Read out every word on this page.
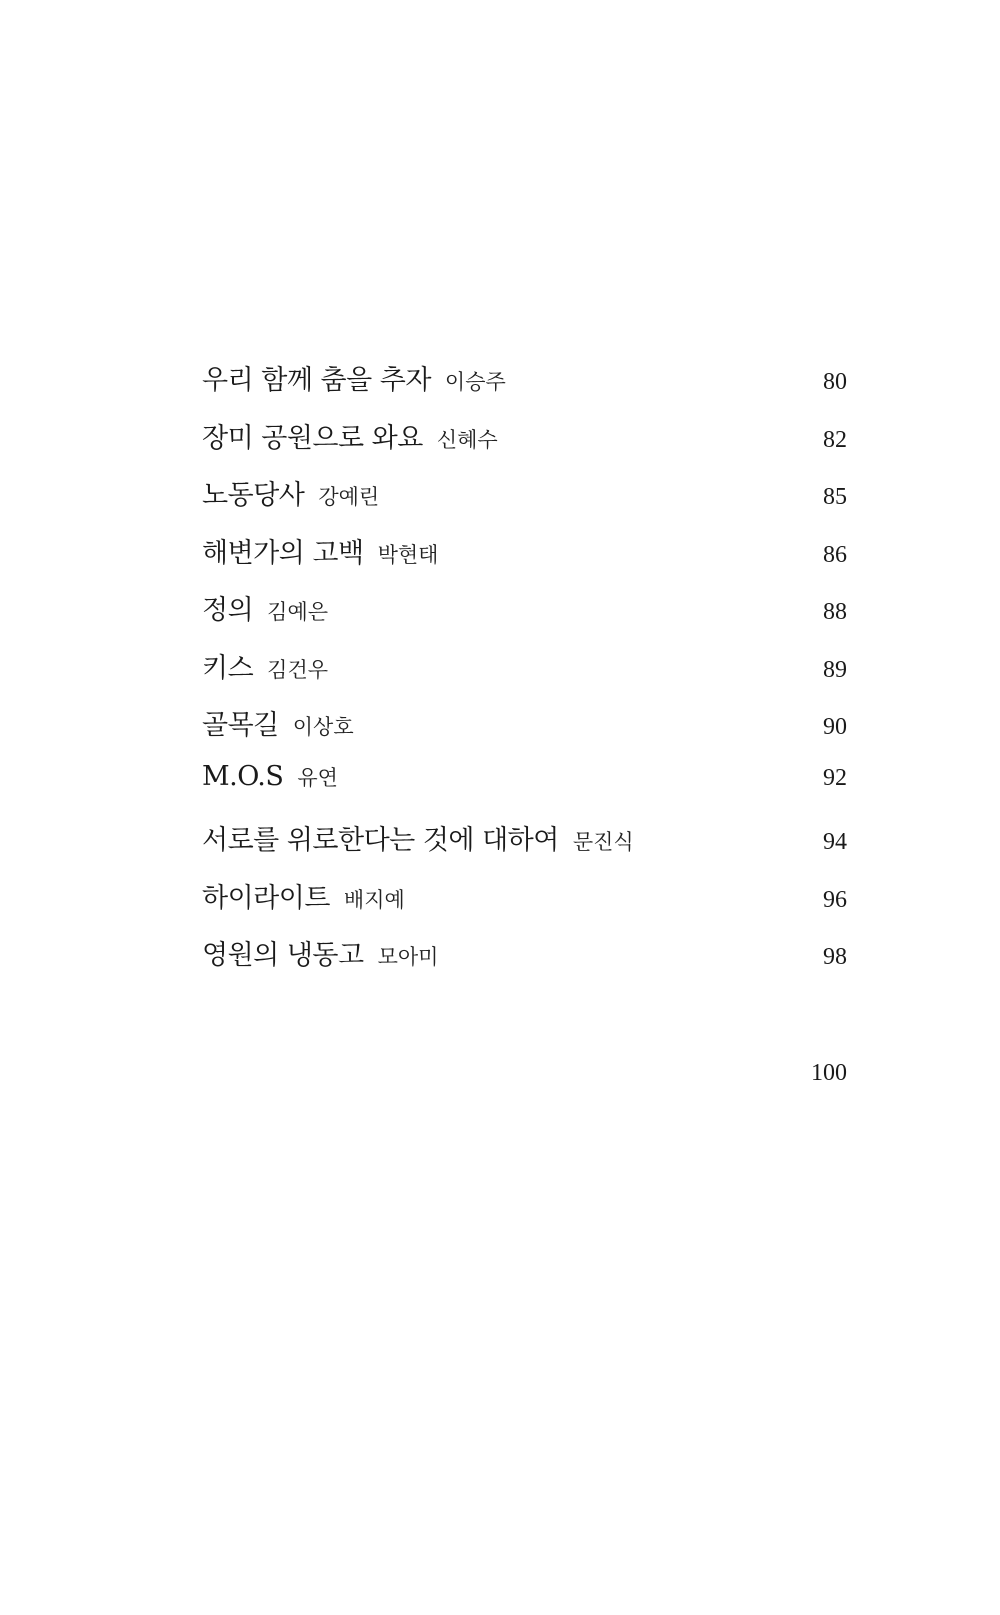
우리 함께 춤을 추자 이승주	80
장미 공원으로 와요 신혜수	82
노동당사 강예린	85
해변가의 고백 박현태	86
정의 김예은	88
키스 김건우	89
골목길 이상호	90
M.O.S 유연	92
서로를 위로한다는 것에 대하여 문진식	94
하이라이트 배지예	96
영원의 냉동고 모아미	98
100
